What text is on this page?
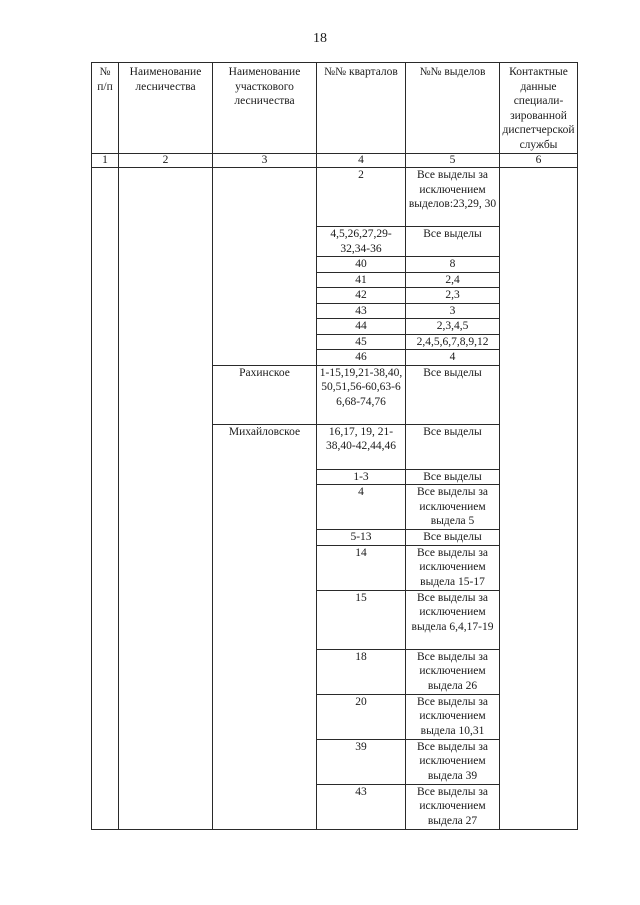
18
№ п/п	Наименование лесничества	Наименование участкового лесничества	№№ кварталов	№№ выделов	Контактные данные специали-зированной диспетчерской службы
1	2	3	4	5	6
			2	Все выделы за исключением выделов:23,29, 30	
			4,5,26,27,29-32,34-36	Все выделы	
			40	8	
			41	2,4	
			42	2,3	
			43	3	
			44	2,3,4,5	
			45	2,4,5,6,7,8,9,12	
			46	4	
		Рахинское	1-15,19,21-38,40,50,51,56-60,63-66,68-74,76	Все выделы	
		Михайловское	16,17, 19, 21-38,40-42,44,46	Все выделы	
			1-3	Все выделы	
			4	Все выделы за исключением выдела 5	
			5-13	Все выделы	
			14	Все выделы за исключением выдела 15-17	
			15	Все выделы за исключением выдела 6,4,17-19	
			18	Все выделы за исключением выдела 26	
			20	Все выделы за исключением выдела 10,31	
			39	Все выделы за исключением выдела 39	
			43	Все выделы за исключением выдела 27	
